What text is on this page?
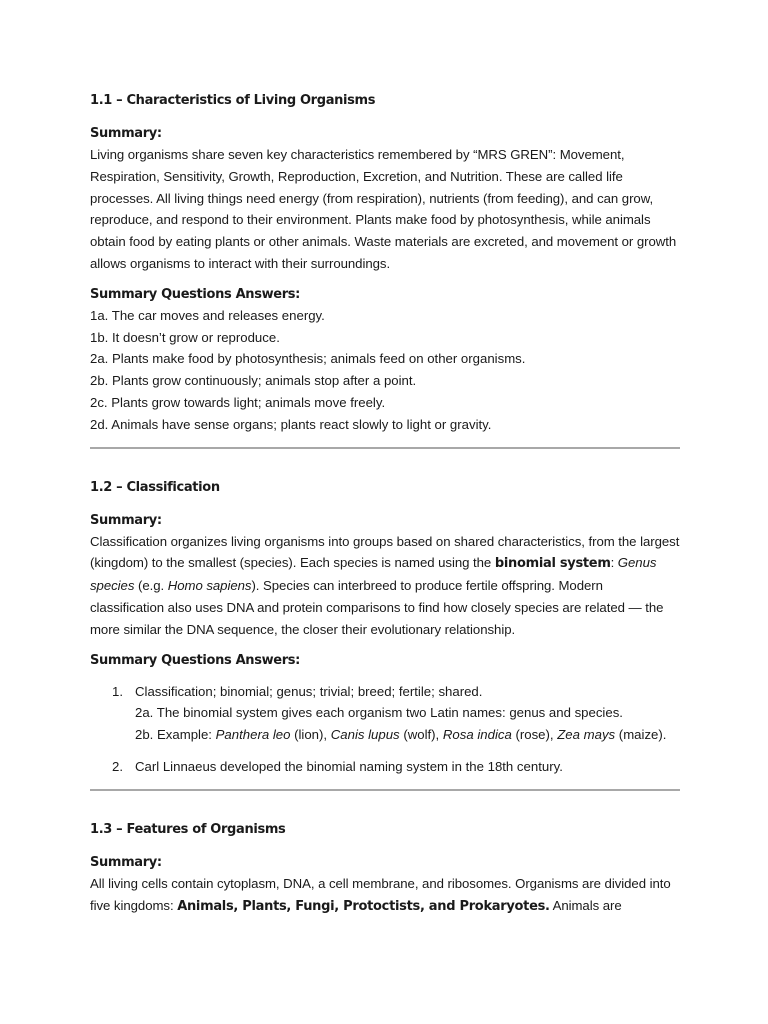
1.1 – Characteristics of Living Organisms
Summary:

Living organisms share seven key characteristics remembered by “MRS GREN”: Movement, Respiration, Sensitivity, Growth, Reproduction, Excretion, and Nutrition. These are called life processes. All living things need energy (from respiration), nutrients (from feeding), and can grow, reproduce, and respond to their environment. Plants make food by photosynthesis, while animals obtain food by eating plants or other animals. Waste materials are excreted, and movement or growth allows organisms to interact with their surroundings.

Summary Questions Answers:
1a. The car moves and releases energy.
1b. It doesn’t grow or reproduce.
2a. Plants make food by photosynthesis; animals feed on other organisms.
2b. Plants grow continuously; animals stop after a point.
2c. Plants grow towards light; animals move freely.
2d. Animals have sense organs; plants react slowly to light or gravity.
1.2 – Classification
Summary:

Classification organizes living organisms into groups based on shared characteristics, from the largest (kingdom) to the smallest (species). Each species is named using the binomial system: Genus species (e.g. Homo sapiens). Species can interbreed to produce fertile offspring. Modern classification also uses DNA and protein comparisons to find how closely species are related — the more similar the DNA sequence, the closer their evolutionary relationship.

Summary Questions Answers:
1. Classification; binomial; genus; trivial; breed; fertile; shared.
2a. The binomial system gives each organism two Latin names: genus and species.
2b. Example: Panthera leo (lion), Canis lupus (wolf), Rosa indica (rose), Zea mays (maize).
2. Carl Linnaeus developed the binomial naming system in the 18th century.
1.3 – Features of Organisms
Summary:

All living cells contain cytoplasm, DNA, a cell membrane, and ribosomes. Organisms are divided into five kingdoms: Animals, Plants, Fungi, Protoctists, and Prokaryotes. Animals are
